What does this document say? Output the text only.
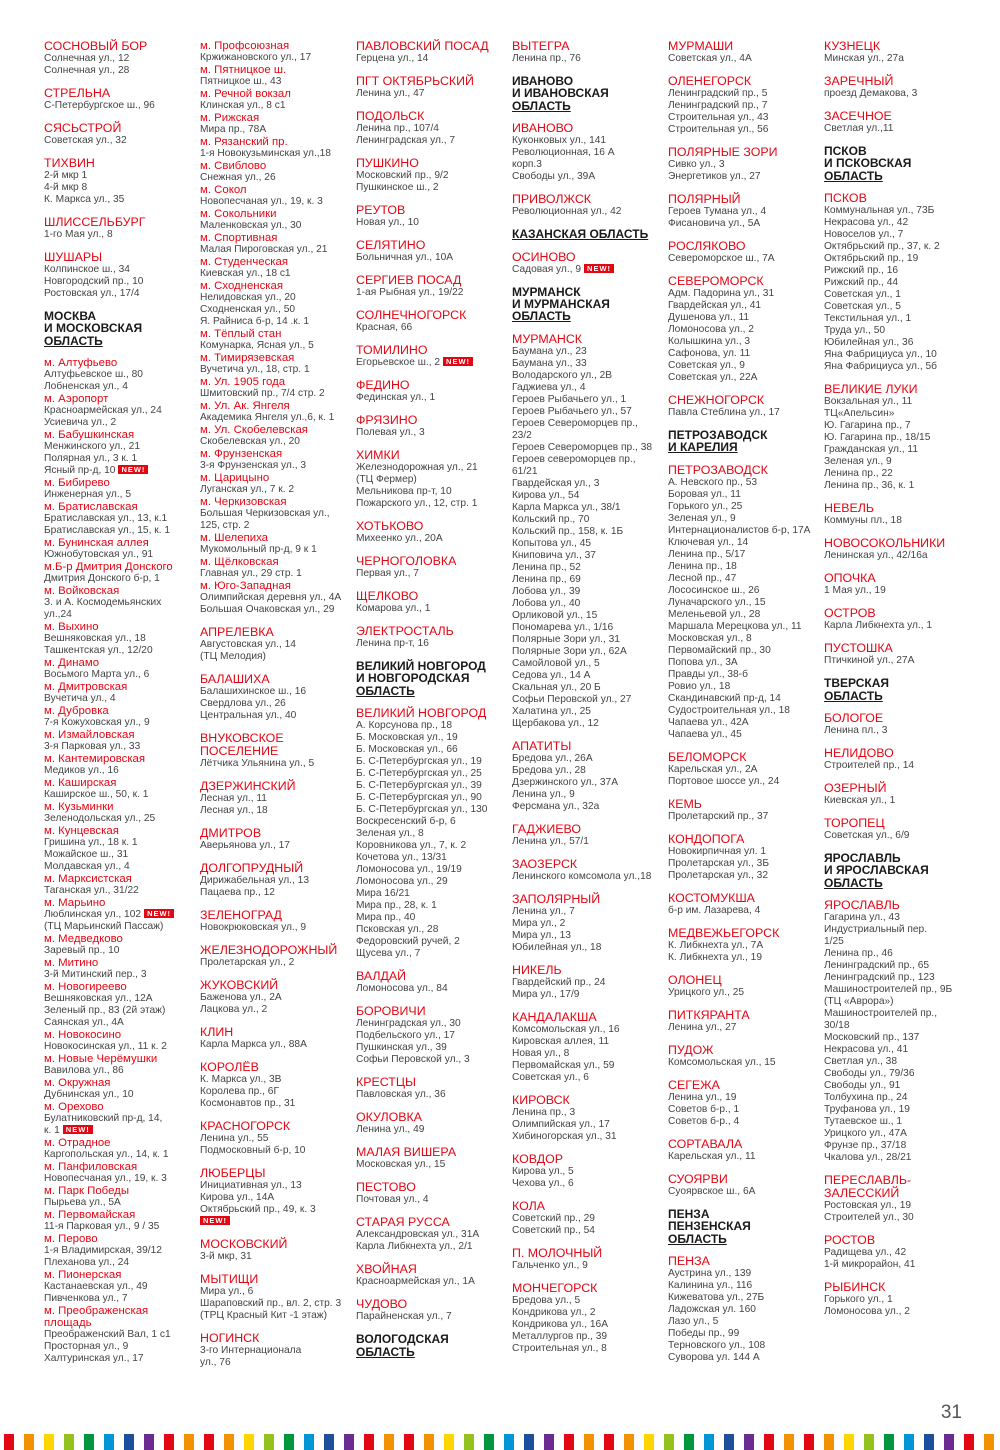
СОСНОВЫЙ БОР
Солнечная ул., 12
Солнечная ул., 28
СТРЕЛЬНА
С-Петербургское ш., 96
СЯСЬСТРОЙ
Советская ул., 32
ТИХВИН
2-й мкр 1
4-й мкр 8
К. Маркса ул., 35
ШЛИССЕЛЬБУРГ
1-го Мая ул., 8
ШУШАРЫ
Колпинское ш., 34
Новгородский пр., 10
Ростовская ул., 17/4
МОСКВА
И МОСКОВСКАЯ
ОБЛАСТЬ
м. Алтуфьево
Алтуфьевское ш., 80
Лобненская ул., 4
м. Аэропорт
Красноармейская ул., 24
Усиевича ул., 2
м. Бабушкинская
Менжинского ул., 21
Полярная ул., 3 к. 1
Ясный пр-д, 10 NEW!
м. Бибирево
Инженерная ул., 5
м. Братиславская
Братиславская ул., 13, к.1
Братиславская ул., 15, к. 1
м. Бунинская аллея
Южнобутовская ул., 91
м.Б-р Дмитрия Донского
Дмитрия Донского б-р, 1
м. Войковская
З. и А. Космодемьянских
ул.,24
м. Выхино
Вешняковская ул., 18
Ташкентская ул., 12/20
м. Динамо
Восьмого Марта ул., 6
м. Дмитровская
Вучетича ул., 4
м. Дубровка
7-я Кожуховская ул., 9
м. Измайловская
3-я Парковая ул., 33
м. Кантемировская
Медиков ул., 16
м. Каширская
Каширское ш., 50, к. 1
м. Кузьминки
Зеленодольская ул., 25
м. Кунцевская
Гришина ул., 18 к. 1
Можайское ш., 31
Молдавская ул., 4
м. Марксистская
Таганская ул., 31/22
м. Марьино
Люблинская ул., 102 NEW!
(ТЦ Марьинский Пассаж)
м. Медведково
Заревый пр., 10
м. Митино
3-й Митинский пер., 3
м. Новогиреево
Вешняковская ул., 12А
Зеленый пр., 83 (2й этаж)
Саянская ул., 4А
м. Новокосино
Новокосинская ул., 11 к. 2
м. Новые Черёмушки
Вавилова ул., 86
м. Окружная
Дубнинская ул., 10
м. Орехово
Булатниковский пр-д, 14,
к. 1 NEW!
м. Отрадное
Каргопольская ул., 14, к. 1
м. Панфиловская
Новопесчаная ул., 19, к. 3
м. Парк Победы
Пырьева ул., 5А
м. Первомайская
11-я Парковая ул., 9 / 35
м. Перово
1-я Владимирская, 39/12
Плеханова ул., 24
м. Пионерская
Кастанаевская ул., 49
Пивченкова ул., 7
м. Преображенская
площадь
Преображенский Вал, 1 с1
Просторная ул., 9
Халтуринская ул., 17
м. Профсоюзная
Кржижановского ул., 17
м. Пятницкое ш.
Пятницкое ш., 43
м. Речной вокзал
Клинская ул., 8 с1
м. Рижская
Мира пр., 78А
м. Рязанский пр.
1-я Новокузьминская ул.,18
м. Свиблово
Снежная ул., 26
м. Сокол
Новопесчаная ул., 19, к. 3
м. Сокольники
Маленковская ул., 30
м. Спортивная
Малая Пироговская ул., 21
м. Студенческая
Киевская ул., 18 с1
м. Сходненская
Нелидовская ул., 20
Сходненская ул., 50
Я. Райниса б-р, 14 .к. 1
м. Тёплый стан
Комунарка, Ясная ул., 5
м. Тимирязевская
Вучетича ул., 18, стр. 1
м. Ул. 1905 года
Шмитовский пр., 7/4 стр. 2
м. Ул. Ак. Янгеля
Академика Янгеля ул.,6, к. 1
м. Ул. Скобелевская
Скобелевская ул., 20
м. Фрунзенская
3-я Фрунзенская ул., 3
м. Царицыно
Луганская ул., 7 к. 2
м. Черкизовская
Большая Черкизовская ул.,
125, стр. 2
м. Шелепиха
Мукомольный пр-д, 9 к 1
м. Щёлковская
Главная ул., 29 стр. 1
м. Юго-Западная
Олимпийская деревня ул., 4А
Большая Очаковская ул., 29
АПРЕЛЕВКА
Августовская ул., 14
(ТЦ Мелодия)
БАЛАШИХА
Балашихинское ш., 16
Свердлова ул., 26
Центральная ул., 40
ВНУКОВСКОЕ
ПОСЕЛЕНИЕ
Лётчика Ульянина ул., 5
ДЗЕРЖИНСКИЙ
Лесная ул., 11
Лесная ул., 18
ДМИТРОВ
Аверьянова ул., 17
ДОЛГОПРУДНЫЙ
Дирижабельная ул., 13
Пацаева пр., 12
ЗЕЛЕНОГРАД
Новокрюковская ул., 9
ЖЕЛЕЗНОДОРОЖНЫЙ
Пролетарская ул., 2
ЖУКОВСКИЙ
Баженова ул., 2А
Лацкова ул., 2
КЛИН
Карла Маркса ул., 88А
КОРОЛЁВ
К. Маркса ул., 3В
Королева пр., 6Г
Космонавтов пр., 31
КРАСНОГОРСК
Ленина ул., 55
Подмосковный б-р, 10
ЛЮБЕРЦЫ
Инициативная ул., 13
Кирова ул., 14А
Октябрьский пр., 49, к. 3
NEW!
МОСКОВСКИЙ
3-й мкр, 31
МЫТИЩИ
Мира ул., 6
Шараповский пр., вл. 2, стр. 3
(ТРЦ Красный Кит -1 этаж)
НОГИНСК
3-го Интернационала
ул., 76
ПАВЛОВСКИЙ ПОСАД
Герцена ул., 14
ПГТ ОКТЯБРЬСКИЙ
Ленина ул., 47
ПОДОЛЬСК
Ленина пр., 107/4
Ленинградская ул., 7
ПУШКИНО
Московский пр., 9/2
Пушкинское ш., 2
РЕУТОВ
Новая ул., 10
СЕЛЯТИНО
Больничная ул., 10А
СЕРГИЕВ ПОСАД
1-ая Рыбная ул., 19/22
СОЛНЕЧНОГОРСК
Красная, 66
ТОМИЛИНО
Егорьевское ш., 2 NEW!
ФЕДИНО
Фединская ул., 1
ФРЯЗИНО
Полевая ул., 3
ХИМКИ
Железнодорожная ул., 21
(ТЦ Фермер)
Мельникова пр-т, 10
Пожарского ул., 12, стр. 1
ХОТЬКОВО
Михеенко ул., 20А
ЧЕРНОГОЛОВКА
Первая ул., 7
ЩЕЛКОВО
Комарова ул., 1
ЭЛЕКТРОСТАЛЬ
Ленина пр-т, 16
ВЕЛИКИЙ НОВГОРОД
И НОВГОРОДСКАЯ
ОБЛАСТЬ
ВЕЛИКИЙ НОВГОРОД
А. Корсунова пр., 18
Б. Московская ул., 19
Б. Московская ул., 66
Б. С-Петербургская ул., 19
Б. С-Петербургская ул., 25
Б. С-Петербургская ул., 39
Б. С-Петербургская ул., 90
Б. С-Петербургская ул., 130
Воскресенский б-р, 6
Зеленая ул., 8
Коровникова ул., 7, к. 2
Кочетова ул., 13/31
Ломоносова ул., 19/19
Ломоносова ул., 29
Мира 16/21
Мира пр., 28, к. 1
Мира пр., 40
Псковская ул., 28
Федоровский ручей, 2
Щусева ул., 7
ВАЛДАЙ
Ломоносова ул., 84
БОРОВИЧИ
Ленинградская ул., 30
Подбельского ул., 17
Пушкинская ул., 39
Софьи Перовской ул., 3
КРЕСТЦЫ
Павловская ул., 36
ОКУЛОВКА
Ленина ул., 49
МАЛАЯ ВИШЕРА
Московская ул., 15
ПЕСТОВО
Почтовая ул., 4
СТАРАЯ РУССА
Александровская ул., 31А
Карла Либкнехта ул., 2/1
ХВОЙНАЯ
Красноармейская ул., 1А
ЧУДОВО
Парайненская ул., 7
ВОЛОГОДСКАЯ
ОБЛАСТЬ
ВЫТЕГРА
Ленина пр., 76
ИВАНОВО
И ИВАНОВСКАЯ
ОБЛАСТЬ
ИВАНОВО
Куконковых ул., 141
Революционная, 16 А
корп.3
Свободы ул., 39А
ПРИВОЛЖСК
Революционная ул., 42
КАЗАНСКАЯ ОБЛАСТЬ
ОСИНОВО
Садовая ул., 9 NEW!
МУРМАНСК
И МУРМАНСКАЯ
ОБЛАСТЬ
МУРМАНСК
Баумана ул., 23
Баумана ул., 33
Володарского ул., 2В
Гаджиева ул., 4
Героев Рыбачьего ул., 1
Героев Рыбачьего ул., 57
Героев Североморцев пр.,
23/2
Героев Североморцев пр., 38
Героев североморцев пр.,
61/21
Гвардейская ул., 3
Кирова ул., 54
Карла Маркса ул., 38/1
Кольский пр., 70
Кольский пр., 158, к. 1Б
Копытова ул., 45
Книповича ул., 37
Ленина пр., 52
Ленина пр., 69
Лобова ул., 39
Лобова ул., 40
Орликовой ул., 15
Пономарева ул., 1/16
Полярные Зори ул., 31
Полярные Зори ул., 62А
Самойловой ул., 5
Седова ул., 14 А
Скальная ул., 20 Б
Софьи Перовской ул., 27
Халатина ул., 25
Щербакова ул., 12
АПАТИТЫ
Бредова ул., 26А
Бредова ул., 28
Дзержинского ул., 37А
Ленина ул., 9
Ферсмана ул., 32а
ГАДЖИЕВО
Ленина ул., 57/1
ЗАОЗЕРСК
Ленинского комсомола ул.,18
ЗАПОЛЯРНЫЙ
Ленина ул., 7
Мира ул., 2
Мира ул., 13
Юбилейная ул., 18
НИКЕЛЬ
Гвардейский пр., 24
Мира ул., 17/9
КАНДАЛАКША
Комсомольская ул., 16
Кировская аллея, 11
Новая ул., 8
Первомайская ул., 59
Советская ул., 6
КИРОВСК
Ленина пр., 3
Олимпийская ул., 17
Хибиногорская ул., 31
КОВДОР
Кирова ул., 5
Чехова ул., 6
КОЛА
Советский пр., 29
Советский пр., 54
П. МОЛОЧНЫЙ
Гальченко ул., 9
МОНЧЕГОРСК
Бредова ул., 5
Кондрикова ул., 2
Кондрикова ул., 16А
Металлургов пр., 39
Строительная ул., 8
МУРМАШИ
Советская ул., 4А
ОЛЕНЕГОРСК
Ленинградский пр., 5
Ленинградский пр., 7
Строительная ул., 43
Строительная ул., 56
ПОЛЯРНЫЕ ЗОРИ
Сивко ул., 3
Энергетиков ул., 27
ПОЛЯРНЫЙ
Героев Тумана ул., 4
Фисановича ул., 5А
РОСЛЯКОВО
Североморское ш., 7А
СЕВЕРОМОРСК
Адм. Падорина ул., 31
Гвардейская ул., 41
Душенова ул., 11
Ломоносова ул., 2
Колышкина ул., 3
Сафонова, ул. 11
Советская ул., 9
Советская ул., 22А
СНЕЖНОГОРСК
Павла Стеблина ул., 17
ПЕТРОЗАВОДСК
И КАРЕЛИЯ
ПЕТРОЗАВОДСК
А. Невского пр., 53
Боровая ул., 11
Горького ул., 25
Зеленая ул., 9
Интернационалистов б-р, 17А
Ключевая ул., 14
Ленина пр., 5/17
Ленина пр., 18
Лесной пр., 47
Лососинское ш., 26
Луначарского ул., 15
Меленьевой ул., 28
Маршала Мерецкова ул., 11
Московская ул., 8
Первомайский пр., 30
Попова ул., 3А
Правды ул., 38-б
Ровио ул., 18
Скандинавский пр-д, 14
Судостроительная ул., 18
Чапаева ул., 42А
Чапаева ул., 45
БЕЛОМОРСК
Карельская ул., 2А
Портовое шоссе ул., 24
КЕМЬ
Пролетарский пр., 37
КОНДОПОГА
Новокирпичная ул. 1
Пролетарская ул., 3Б
Пролетарская ул., 32
КОСТОМУКША
б-р им. Лазарева, 4
МЕДВЕЖЬЕГОРСК
К. Либкнехта ул., 7А
К. Либкнехта ул., 19
ОЛОНЕЦ
Урицкого ул., 25
ПИТКЯРАНТА
Ленина ул., 27
ПУДОЖ
Комсомольская ул., 15
СЕГЕЖА
Ленина ул., 19
Советов б-р., 1
Советов б-р., 4
СОРТАВАЛА
Карельская ул., 11
СУОЯРВИ
Суоярвское ш., 6А
ПЕНЗА
ПЕНЗЕНСКАЯ
ОБЛАСТЬ
ПЕНЗА
Аустрина ул., 139
Калинина ул., 116
Кижеватова ул., 27Б
Ладожская ул. 160
Лазо ул., 5
Победы пр., 99
Терновского ул., 108
Суворова ул. 144 А
КУЗНЕЦК
Минская ул., 27а
ЗАРЕЧНЫЙ
проезд Демакова, 3
ЗАСЕЧНОЕ
Светлая ул.,11
ПСКОВ
И ПСКОВСКАЯ
ОБЛАСТЬ
ПСКОВ
Коммунальная ул., 73Б
Некрасова ул., 42
Новоселов ул., 7
Октябрьский пр., 37, к. 2
Октябрьский пр., 19
Рижский пр., 16
Рижский пр., 44
Советская ул., 1
Советская ул., 5
Текстильная ул., 1
Труда ул., 50
Юбилейная ул., 36
Яна Фабрициуса ул., 10
Яна Фабрициуса ул., 5б
ВЕЛИКИЕ ЛУКИ
Вокзальная ул., 11
ТЦ«Апельсин»
Ю. Гагарина пр., 7
Ю. Гагарина пр., 18/15
Гражданская ул., 11
Зеленая ул., 9
Ленина пр., 22
Ленина пр., 36, к. 1
НЕВЕЛЬ
Коммуны пл., 18
НОВОСОКОЛЬНИКИ
Ленинская ул., 42/16а
ОПОЧКА
1 Мая ул., 19
ОСТРОВ
Карла Либкнехта ул., 1
ПУСТОШКА
Птичкиной ул., 27А
ТВЕРСКАЯ
ОБЛАСТЬ
БОЛОГОЕ
Ленина пл., 3
НЕЛИДОВО
Строителей пр., 14
ОЗЕРНЫЙ
Киевская ул., 1
ТОРОПЕЦ
Советская ул., 6/9
ЯРОСЛАВЛЬ
И ЯРОСЛАВСКАЯ
ОБЛАСТЬ
ЯРОСЛАВЛЬ
Гагарина ул., 43
Индустриальный пер.
1/25
Ленина пр., 46
Ленинградский пр., 65
Ленинградский пр., 123
Машиностроителей пр., 9Б
(ТЦ «Аврора»)
Машиностроителей пр.,
30/18
Московский пр., 137
Некрасова ул., 41
Светлая ул., 38
Свободы ул., 79/36
Свободы ул., 91
Толбухина пр., 24
Труфанова ул., 19
Тутаевское ш., 1
Урицкого ул., 47А
Фрунзе пр., 37/18
Чкалова ул., 28/21
ПЕРЕСЛАВЛЬ-
ЗАЛЕССКИЙ
Ростовская ул., 19
Строителей ул., 30
РОСТОВ
Радищева ул., 42
1-й микрорайон, 41
РЫБИНСК
Горького ул., 1
Ломоносова ул., 2
31
